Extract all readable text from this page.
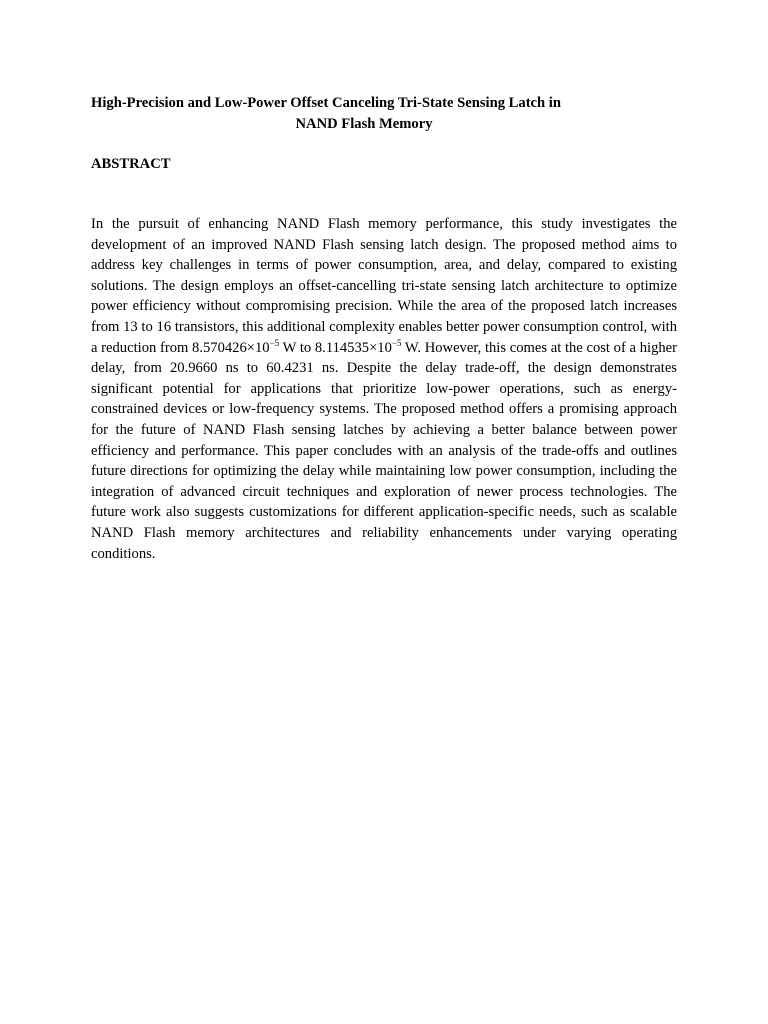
High-Precision and Low-Power Offset Canceling Tri-State Sensing Latch in
NAND Flash Memory
ABSTRACT

In the pursuit of enhancing NAND Flash memory performance, this study investigates the development of an improved NAND Flash sensing latch design. The proposed method aims to address key challenges in terms of power consumption, area, and delay, compared to existing solutions. The design employs an offset-cancelling tri-state sensing latch architecture to optimize power efficiency without compromising precision. While the area of the proposed latch increases from 13 to 16 transistors, this additional complexity enables better power consumption control, with a reduction from $8.570426\times 10^{-5}$ W to $8.114535\times 10^{-5}$ W. However, this comes at the cost of a higher delay, from 20.9660 ns to 60.4231 ns. Despite the delay trade-off, the design demonstrates significant potential for applications that prioritize low-power operations, such as energy-constrained devices or low-frequency systems. The proposed method offers a promising approach for the future of NAND Flash sensing latches by achieving a better balance between power efficiency and performance. This paper concludes with an analysis of the trade-offs and outlines future directions for optimizing the delay while maintaining low power consumption, including the integration of advanced circuit techniques and exploration of newer process technologies. The future work also suggests customizations for different application-specific needs, such as scalable NAND Flash memory architectures and reliability enhancements under varying operating conditions.
